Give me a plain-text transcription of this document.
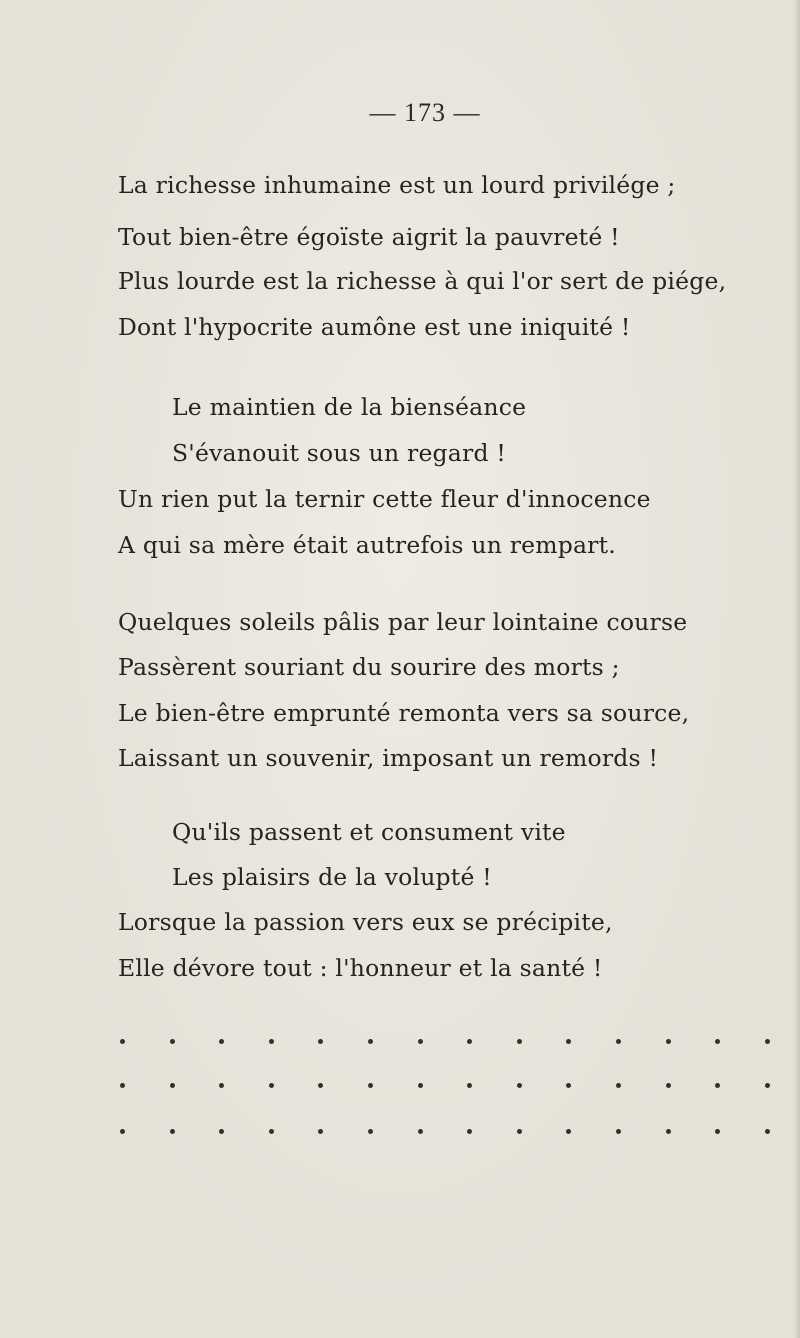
— 173 —
La richesse inhumaine est un lourd privilége ;
Tout bien-être égoïste aigrit la pauvreté !
Plus lourde est la richesse à qui l'or sert de piége,
Dont l'hypocrite aumône est une iniquité !
Le maintien de la bienséance
S'évanouit sous un regard !
Un rien put la ternir cette fleur d'innocence
A qui sa mère était autrefois un rempart.
Quelques soleils pâlis par leur lointaine course
Passèrent souriant du sourire des morts ;
Le bien-être emprunté remonta vers sa source,
Laissant un souvenir, imposant un remords !
Qu'ils passent et consument vite
Les plaisirs de la volupté !
Lorsque la passion vers eux se précipite,
Elle dévore tout : l'honneur et la santé !
